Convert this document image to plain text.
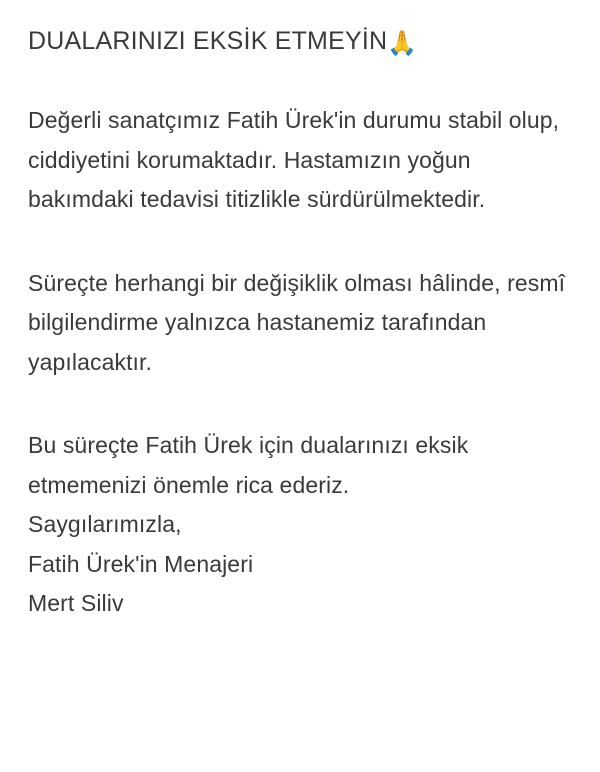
DUALARINIZI EKSİK ETMEYİN🙏

Değerli sanatçımız Fatih Ürek'in durumu stabil olup, ciddiyetini korumaktadır. Hastamızın yoğun bakımdaki tedavisi titizlikle sürdürülmektedir.

Süreçte herhangi bir değişiklik olması hâlinde, resmî bilgilendirme yalnızca hastanemiz tarafından yapılacaktır.

Bu süreçte Fatih Ürek için dualarınızı eksik etmemenizi önemle rica ederiz.

Saygılarımızla,
Fatih Ürek'in Menajeri
Mert Siliv
